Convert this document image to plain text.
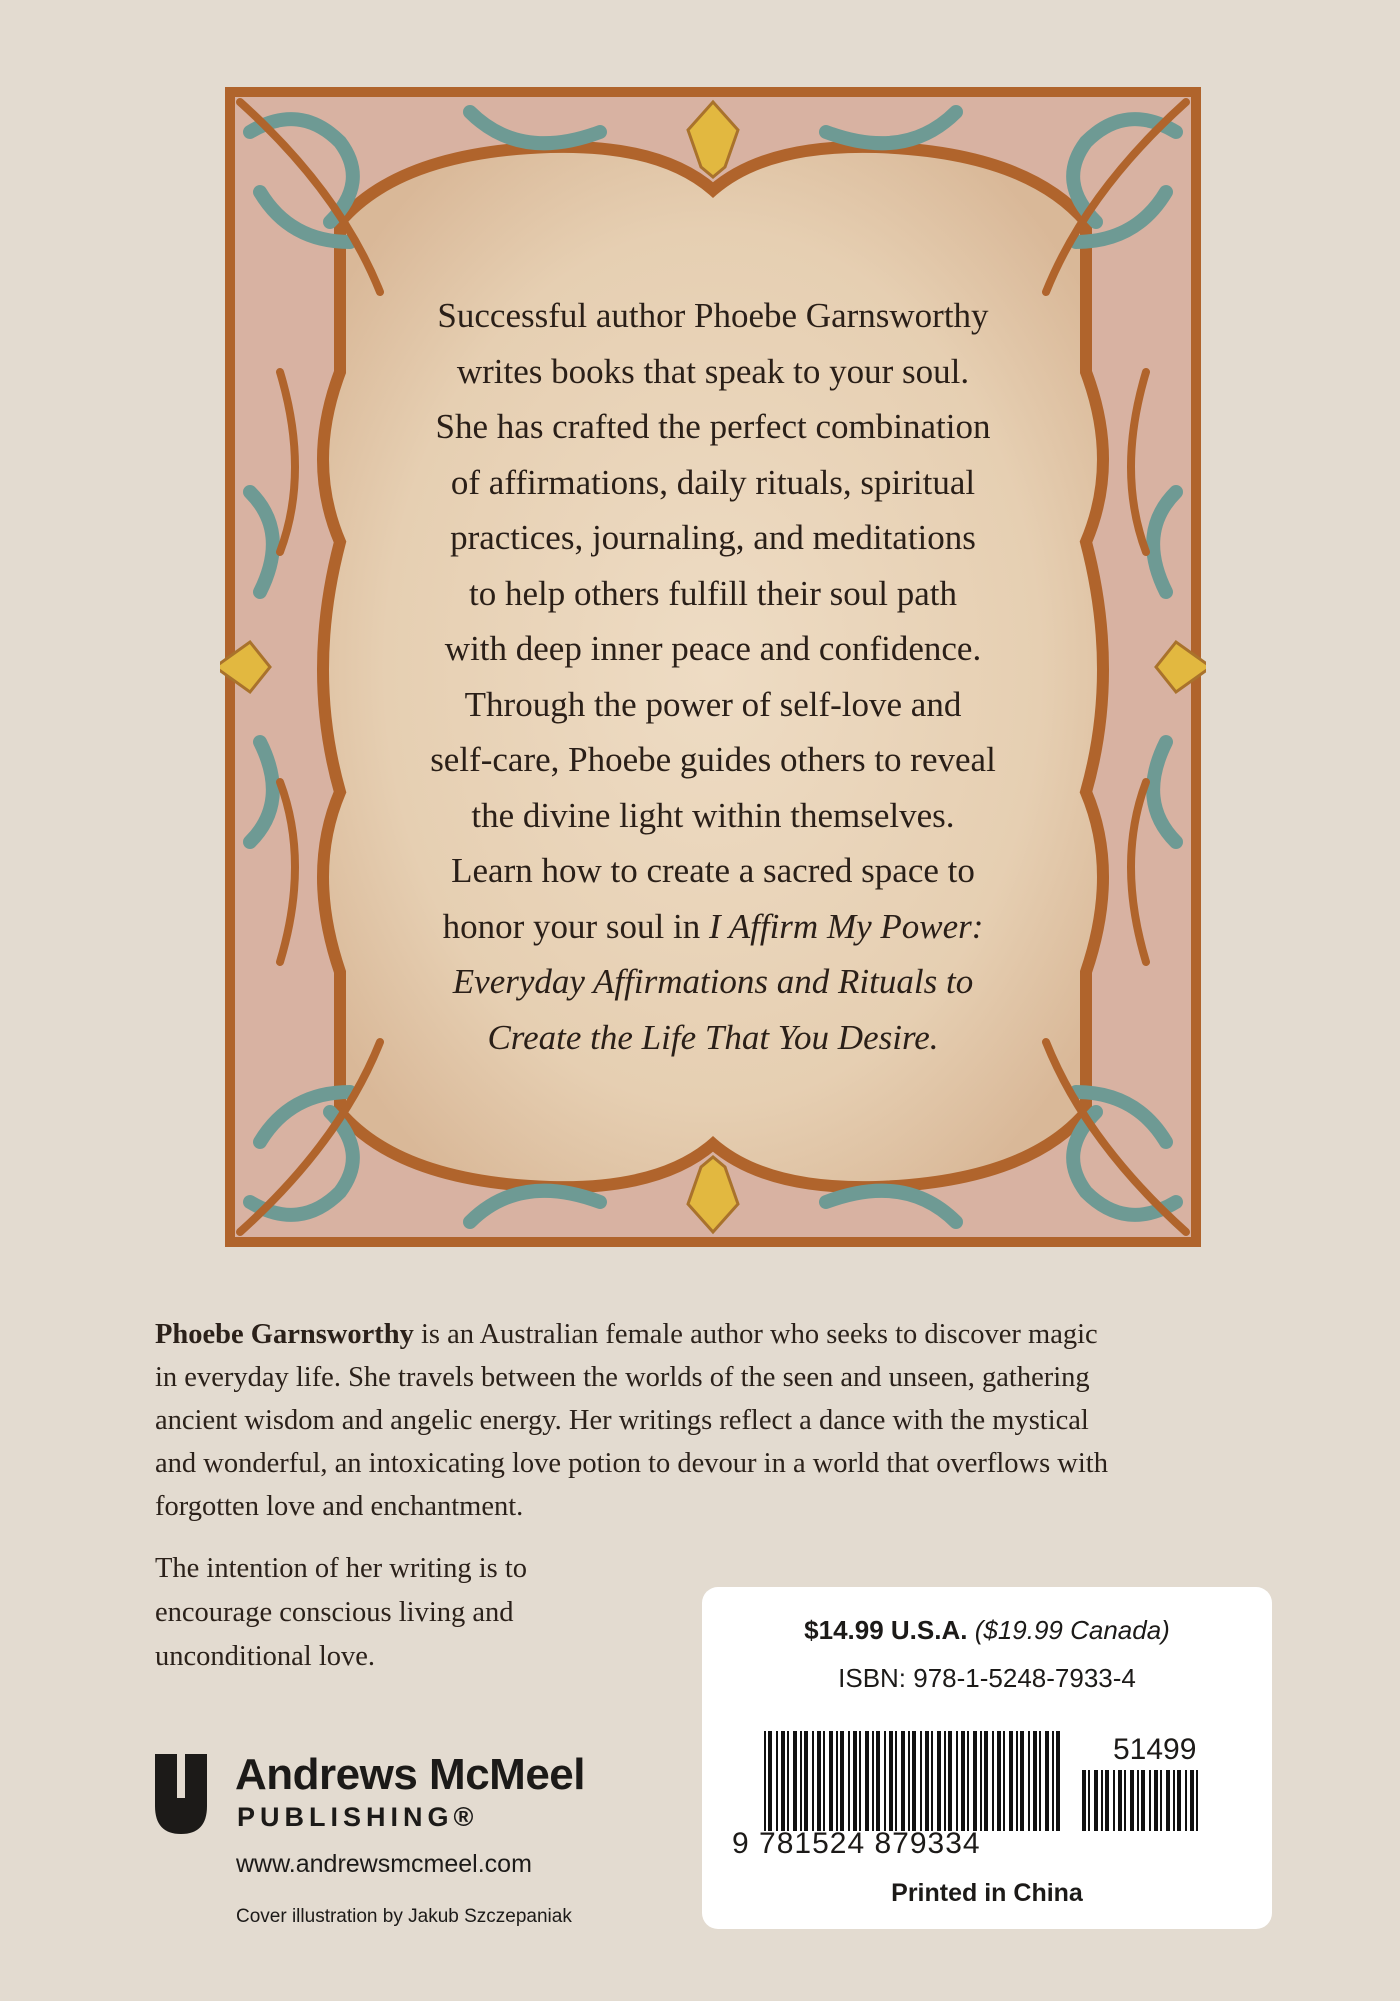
Successful author Phoebe Garnsworthy
writes books that speak to your soul.
She has crafted the perfect combination
of affirmations, daily rituals, spiritual
practices, journaling, and meditations
to help others fulfill their soul path
with deep inner peace and confidence.
Through the power of self-love and
self-care, Phoebe guides others to reveal
the divine light within themselves.
Learn how to create a sacred space to
honor your soul in I Affirm My Power:
Everyday Affirmations and Rituals to
Create the Life That You Desire.

Phoebe Garnsworthy is an Australian female author who seeks to discover magic
in everyday life. She travels between the worlds of the seen and unseen, gathering
ancient wisdom and angelic energy. Her writings reflect a dance with the mystical
and wonderful, an intoxicating love potion to devour in a world that overflows with
forgotten love and enchantment.

The intention of her writing is to
encourage conscious living and
unconditional love.

Andrews McMeel
PUBLISHING®
www.andrewsmcmeel.com
Cover illustration by Jakub Szczepaniak
$14.99 U.S.A. ($19.99 Canada)
ISBN: 978-1-5248-7933-4
51499
9 781524 879334
Printed in China
